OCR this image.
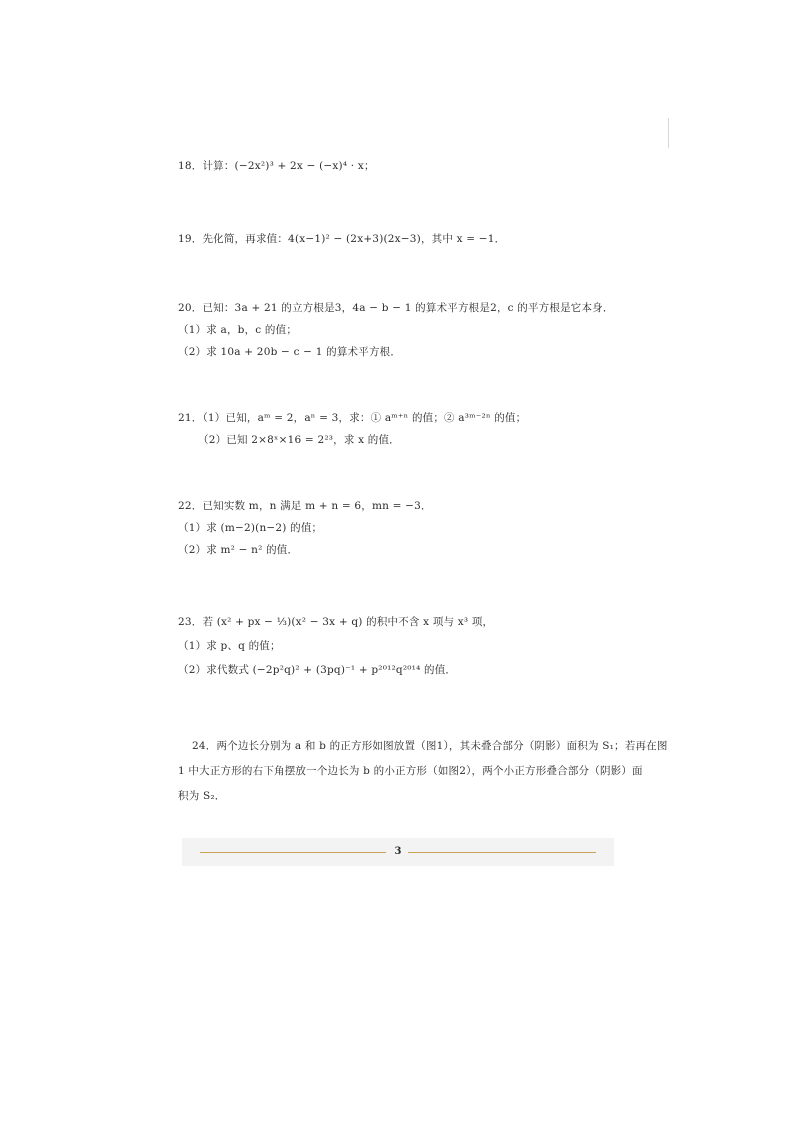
18．计算：(−2x²)³ + 2x − (−x)⁴ · x；
19．先化简，再求值：4(x−1)² − (2x+3)(2x−3)，其中 x = −1．
20．已知：3a + 21 的立方根是3，4a − b − 1 的算术平方根是2，c 的平方根是它本身．
（1）求 a，b，c 的值；
（2）求 10a + 20b − c − 1 的算术平方根．
21．（1）已知，aᵐ = 2，aⁿ = 3，求：① aᵐ⁺ⁿ 的值；② a³ᵐ⁻²ⁿ 的值；
（2）已知 2×8ˣ×16 = 2²³，求 x 的值．
22．已知实数 m，n 满足 m + n = 6，mn = −3．
（1）求 (m−2)(n−2) 的值；
（2）求 m² − n² 的值．
23．若 (x² + px − ⅓)(x² − 3x + q) 的积中不含 x 项与 x³ 项，
（1）求 p、q 的值；
（2）求代数式 (−2p²q)² + (3pq)⁻¹ + p²⁰¹²q²⁰¹⁴ 的值．
24．两个边长分别为 a 和 b 的正方形如图放置（图1），其未叠合部分（阴影）面积为 S₁；若再在图
1 中大正方形的右下角摆放一个边长为 b 的小正方形（如图2），两个小正方形叠合部分（阴影）面
积为 S₂．
3
